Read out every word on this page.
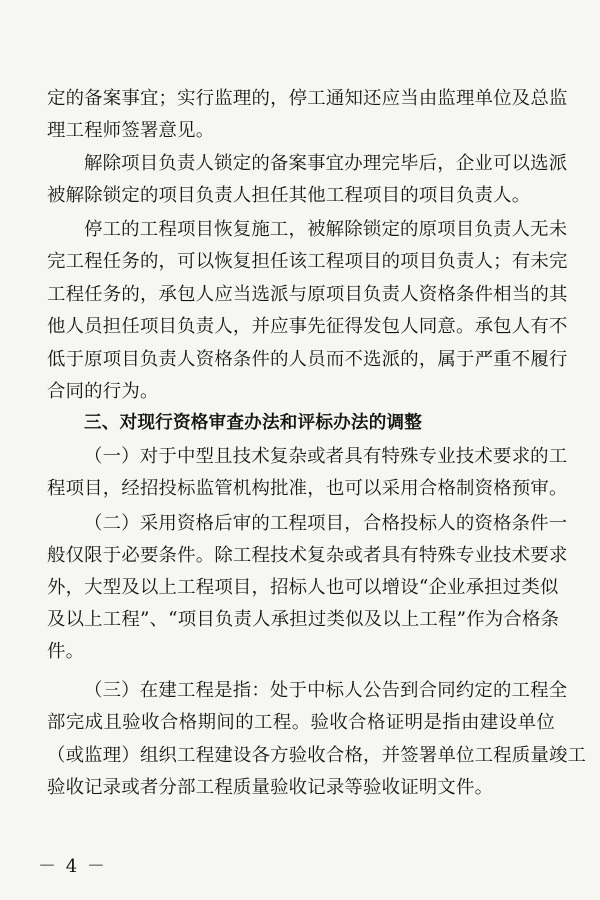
定的备案事宜；实行监理的，停工通知还应当由监理单位及总监
理工程师签署意见。
解除项目负责人锁定的备案事宜办理完毕后，企业可以选派
被解除锁定的项目负责人担任其他工程项目的项目负责人。
停工的工程项目恢复施工，被解除锁定的原项目负责人无未
完工程任务的，可以恢复担任该工程项目的项目负责人；有未完
工程任务的，承包人应当选派与原项目负责人资格条件相当的其
他人员担任项目负责人，并应事先征得发包人同意。承包人有不
低于原项目负责人资格条件的人员而不选派的，属于严重不履行
合同的行为。
三、对现行资格审查办法和评标办法的调整
（一）对于中型且技术复杂或者具有特殊专业技术要求的工
程项目，经招投标监管机构批准，也可以采用合格制资格预审。
（二）采用资格后审的工程项目，合格投标人的资格条件一
般仅限于必要条件。除工程技术复杂或者具有特殊专业技术要求
外，大型及以上工程项目，招标人也可以增设“企业承担过类似
及以上工程”、“项目负责人承担过类似及以上工程”作为合格条
件。
（三）在建工程是指：处于中标人公告到合同约定的工程全
部完成且验收合格期间的工程。验收合格证明是指由建设单位
（或监理）组织工程建设各方验收合格，并签署单位工程质量竣工
验收记录或者分部工程质量验收记录等验收证明文件。
－ 4 －
